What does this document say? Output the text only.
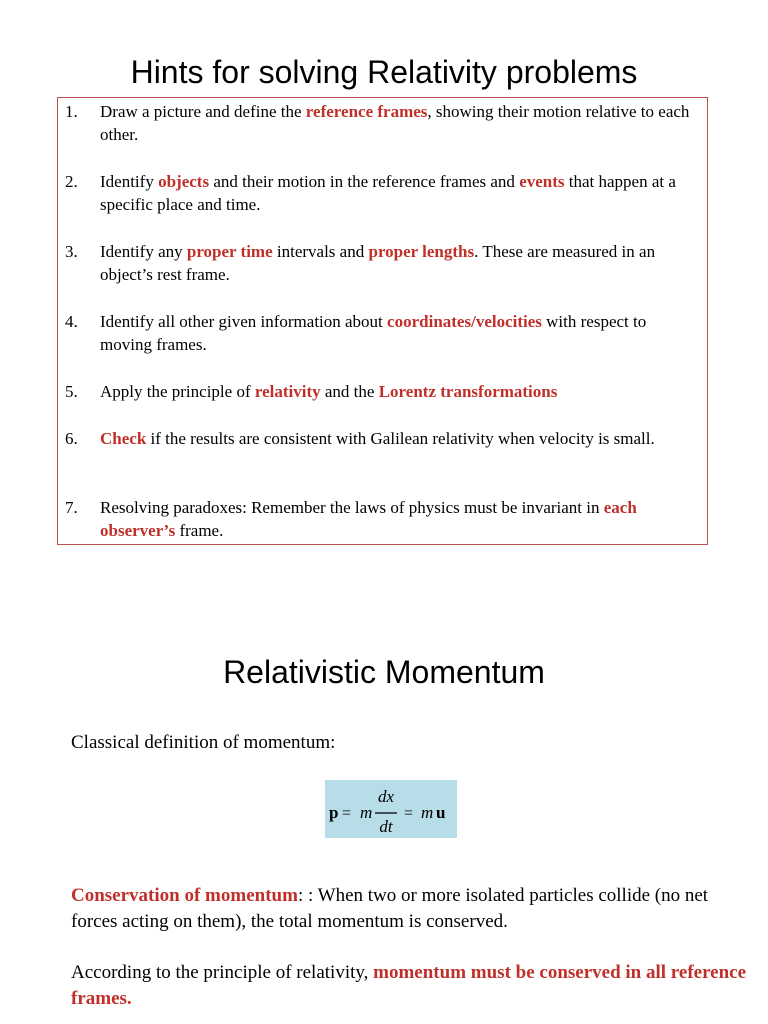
Hints for solving Relativity problems
1.	Draw a picture and define the reference frames, showing their motion relative to each other.
2.	Identify objects and their motion in the reference frames and events that happen at a specific place and time.
3.	Identify any proper time intervals and proper lengths. These are measured in an object’s rest frame.
4.	Identify all other given information about coordinates/velocities with respect to moving frames.
5.	Apply the principle of relativity and the Lorentz transformations
6.	Check if the results are consistent with Galilean relativity when velocity is small.
7.	Resolving paradoxes: Remember the laws of physics must be invariant in each observer’s frame.
Relativistic Momentum
Classical definition of momentum:
p = m
dx
dt
= m u
Conservation of momentum: : When two or more isolated particles collide (no net forces acting on them), the total momentum is conserved.
According to the principle of relativity, momentum must be conserved in all reference frames.
